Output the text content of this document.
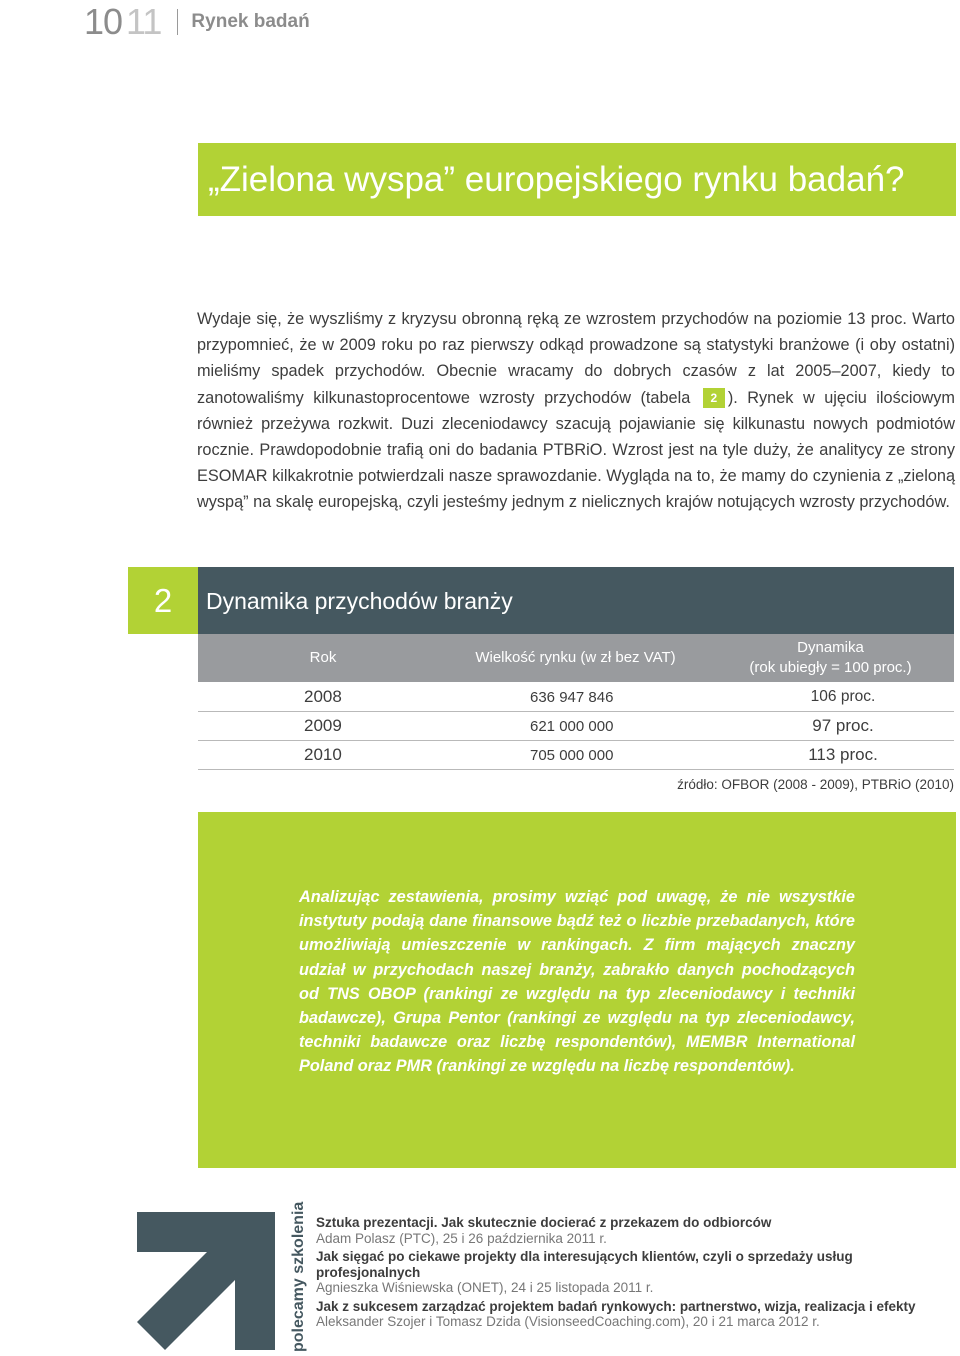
10 11 Rynek badań
„Zielona wyspa” europejskiego rynku badań?
Wydaje się, że wyszliśmy z kryzysu obronną ręką ze wzrostem przychodów na poziomie 13 proc. Warto przypomnieć, że w 2009 roku po raz pierwszy odkąd prowadzone są statystyki branżowe (i oby ostatni) mieliśmy spadek przychodów. Obecnie wracamy do dobrych czasów z lat 2005–2007, kiedy to zanotowaliśmy kilkunastoprocentowe wzrosty przychodów (tabela 2 ). Rynek w ujęciu ilościowym również przeżywa rozkwit. Duzi zleceniodawcy szacują pojawianie się kilkunastu nowych podmiotów rocznie. Prawdopodobnie trafią oni do badania PTBRiO. Wzrost jest na tyle duży, że analitycy ze strony ESOMAR kilkakrotnie potwierdzali nasze sprawozdanie. Wygląda na to, że mamy do czynienia z „zieloną wyspą” na skalę europejską, czyli jesteśmy jednym z nielicznych krajów notujących wzrosty przychodów.
2	Dynamika przychodów branży
Rok	Wielkość rynku (w zł bez VAT)
Dynamika
(rok ubiegły = 100 proc.)
2008	636 947 846	106 proc.
2009	621 000 000	97 proc.
2010	705 000 000	113 proc.
źródło: OFBOR (2008 - 2009), PTBRiO (2010)
Analizując zestawienia, prosimy wziąć pod uwagę, że nie wszystkie instytuty podają dane finansowe bądź też o liczbie przebadanych, które umożliwiają umieszczenie w rankingach. Z firm mających znaczny udział w przychodach naszej branży, zabrakło danych pochodzących od TNS OBOP (rankingi ze względu na typ zleceniodawcy i techniki badawcze), Grupa Pentor (rankingi ze względu na typ zleceniodawcy, techniki badawcze oraz liczbę respondentów), MEMBR International Poland oraz PMR (rankingi ze względu na liczbę respondentów).
polecamy szkolenia Sztuka prezentacji. Jak skutecznie docierać z przekazem do odbiorców
Adam Polasz (PTC), 25 i 26 października 2011 r.
Jak sięgać po ciekawe projekty dla interesujących klientów, czyli o sprzedaży usług profesjonalnych
Agnieszka Wiśniewska (ONET), 24 i 25 listopada 2011 r.
Jak z sukcesem zarządzać projektem badań rynkowych: partnerstwo, wizja, realizacja i efekty
Aleksander Szojer i Tomasz Dzida (VisionseedCoaching.com), 20 i 21 marca 2012 r.
